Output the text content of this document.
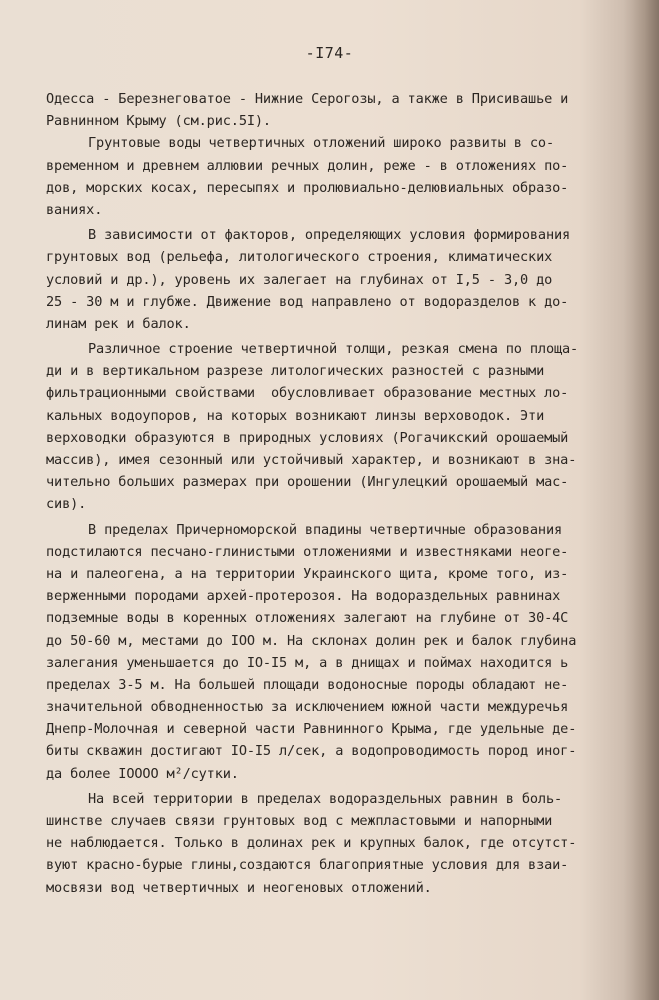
-I74-
Одесса - Березнеговатое - Нижние Серогозы, а также в Присивашье и
Равнинном Крыму (см.рис.5I).
Грунтовые воды четвертичных отложений широко развиты в со-
временном и древнем аллювии речных долин, реже - в отложениях по-
дов, морских косах, пересыпях и пролювиально-делювиальных образо-
ваниях.
В зависимости от факторов, определяющих условия формирования
грунтовых вод (рельефа, литологического строения, климатических
условий и др.), уровень их залегает на глубинах от I,5 - 3,0 до
25 - 30 м и глубже. Движение вод направлено от водоразделов к до-
линам рек и балок.
Различное строение четвертичной толщи, резкая смена по площа-
ди и в вертикальном разрезе литологических разностей с разными
фильтрационными свойствами  обусловливает образование местных ло-
кальных водоупоров, на которых возникают линзы верховодок. Эти
верховодки образуются в природных условиях (Рогачикский орошаемый
массив), имея сезонный или устойчивый характер, и возникают в зна-
чительно больших размерах при орошении (Ингулецкий орошаемый мас-
сив).
В пределах Причерноморской впадины четвертичные образования
подстилаются песчано-глинистыми отложениями и известняками неоге-
на и палеогена, а на территории Украинского щита, кроме того, из-
верженными породами архей-протерозоя. На водораздельных равнинах
подземные воды в коренных отложениях залегают на глубине от 30-4С
до 50-60 м, местами до IOO м. На склонах долин рек и балок глубина
залегания уменьшается до IO-I5 м, а в днищах и поймах находится ь
пределах 3-5 м. На большей площади водоносные породы обладают не-
значительной обводненностью за исключением южной части междуречья
Днепр-Молочная и северной части Равнинного Крыма, где удельные де-
биты скважин достигают IO-I5 л/сек, а водопроводимость пород иног-
да более IOOOO м²/сутки.
На всей территории в пределах водораздельных равнин в боль-
шинстве случаев связи грунтовых вод с межпластовыми и напорными
не наблюдается. Только в долинах рек и крупных балок, где отсутст-
вуют красно-бурые глины,создаются благоприятные условия для взаи-
мосвязи вод четвертичных и неогеновых отложений.
